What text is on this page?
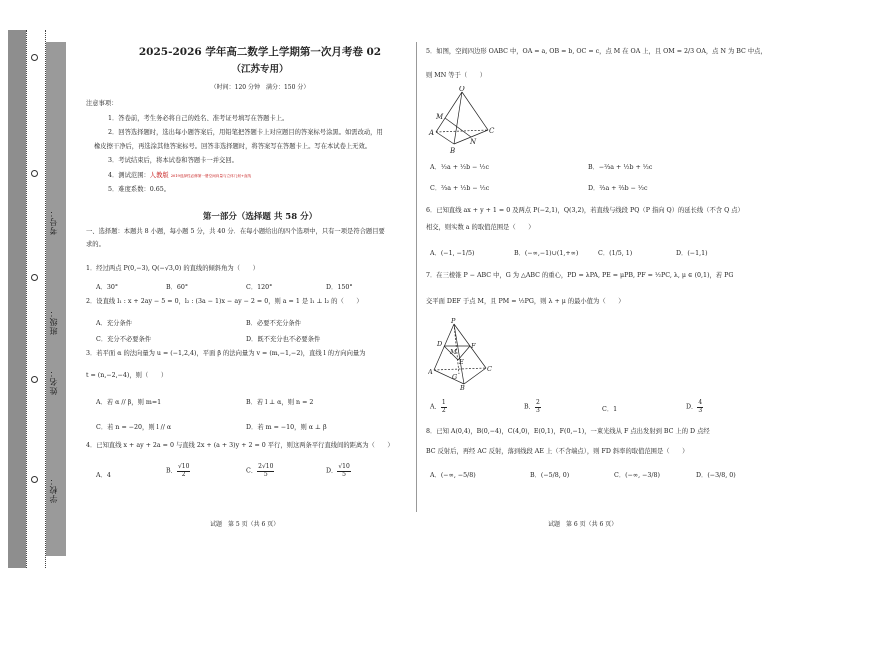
考号：
班级：
姓名：
学校：
2025-2026 学年高二数学上学期第一次月考卷 02
（江苏专用）
（时间：120 分钟　满分：150 分）

注意事项：

1．答卷前，考生务必将自己的姓名、准考证号填写在答题卡上。

2．回答选择题时，选出每小题答案后，用铅笔把答题卡上对应题目的答案标号涂黑。如需改动，用

橡皮擦干净后，再选涂其他答案标号。回答非选择题时，将答案写在答题卡上。写在本试卷上无效。

3．考试结束后，将本试卷和答题卡一并交回。

4．测试范围：人教版 2019选择性必修第一册空间向量与立体几何+直线

5．难度系数：0.65。

第一部分（选择题 共 58 分）

一、选择题：本题共 8 小题，每小题 5 分，共 40 分．在每小题给出的四个选项中，只有一项是符合题目要

求的。

1．经过两点 P(0,−3), Q(−√3,0) 的直线的倾斜角为（　　）
A．30°	B．60°	C．120°	D．150°
2．设直线 l₁ : x + 2ay − 5 = 0，l₂ : (3a − 1)x − ay − 2 = 0，则 a = 1 是 l₁ ⊥ l₂ 的（　　）
A．充分条件	B．必要不充分条件
C．充分不必要条件	D．既不充分也不必要条件
3．若平面 α 的法向量为 u = (−1,2,4)，平面 β 的法向量为 v = (m,−1,−2)，直线 l 的方向向量为
t = (n,−2,−4)，则（　　）
A．若 α // β，则 m=1	B．若 l ⊥ α，则 n = 2
C．若 n = −20，则 l // α	D．若 m = −10，则 α ⊥ β
4．已知直线 x + ay + 2a = 0 与直线 2x + (a + 3)y + 2 = 0 平行，则这两条平行直线间的距离为（　　）
A．4
B． $\frac{√10}{2}$	C． $\frac{2√10}{5}$	D． $\frac{√10}{5}$
试题　第 5 页（共 6 页）
5．如图，空间四边形 OABC 中，OA = a, OB = b, OC = c，点 M 在 OA 上，且 OM = 2/3 OA，点 N 为 BC 中点，
则 MN 等于（　　）
O
M
A
B
C
N
A．½a + ½b − ½c	B．−⅔a + ½b + ½c
C．⅔a + ½b − ½c	D．⅔a + ⅔b − ½c
6．已知直线 ax + y + 1 = 0 及两点 P(−2,1)，Q(3,2)，若直线与线段 PQ（P 指向 Q）的延长线（不含 Q 点）
相交，则实数 a 的取值范围是（　　）
A．(−1, −1/5)	B．(−∞,−1)∪(1,+∞)	C．(1/5, 1)	D．(−1,1)
7．在三棱锥 P − ABC 中，G 为 △ABC 的重心，PD = λPA, PE = μPB, PF = ½PC, λ, μ ∈ (0,1)，若 PG
交平面 DEF 于点 M，且 PM = ½PG，则 λ + μ 的最小值为（　　）
P
D
M
E
F
A
G
B
C
A． $\frac{1}{2}$	B． $\frac{2}{3}$	C．1	D． $\frac{4}{3}$
8．已知 A(0,4)，B(0,−4)，C(4,0)，E(0,1)，F(0,−1)，一束光线从 F 点出发射到 BC 上的 D 点经
BC 反射后，再经 AC 反射，落到线段 AE 上（不含端点），则 FD 斜率的取值范围是（　　）
A．(−∞, −5/8)	B．(−5/8, 0)	C．(−∞, −3/8)	D．(−3/8, 0)
试题　第 6 页（共 6 页）
